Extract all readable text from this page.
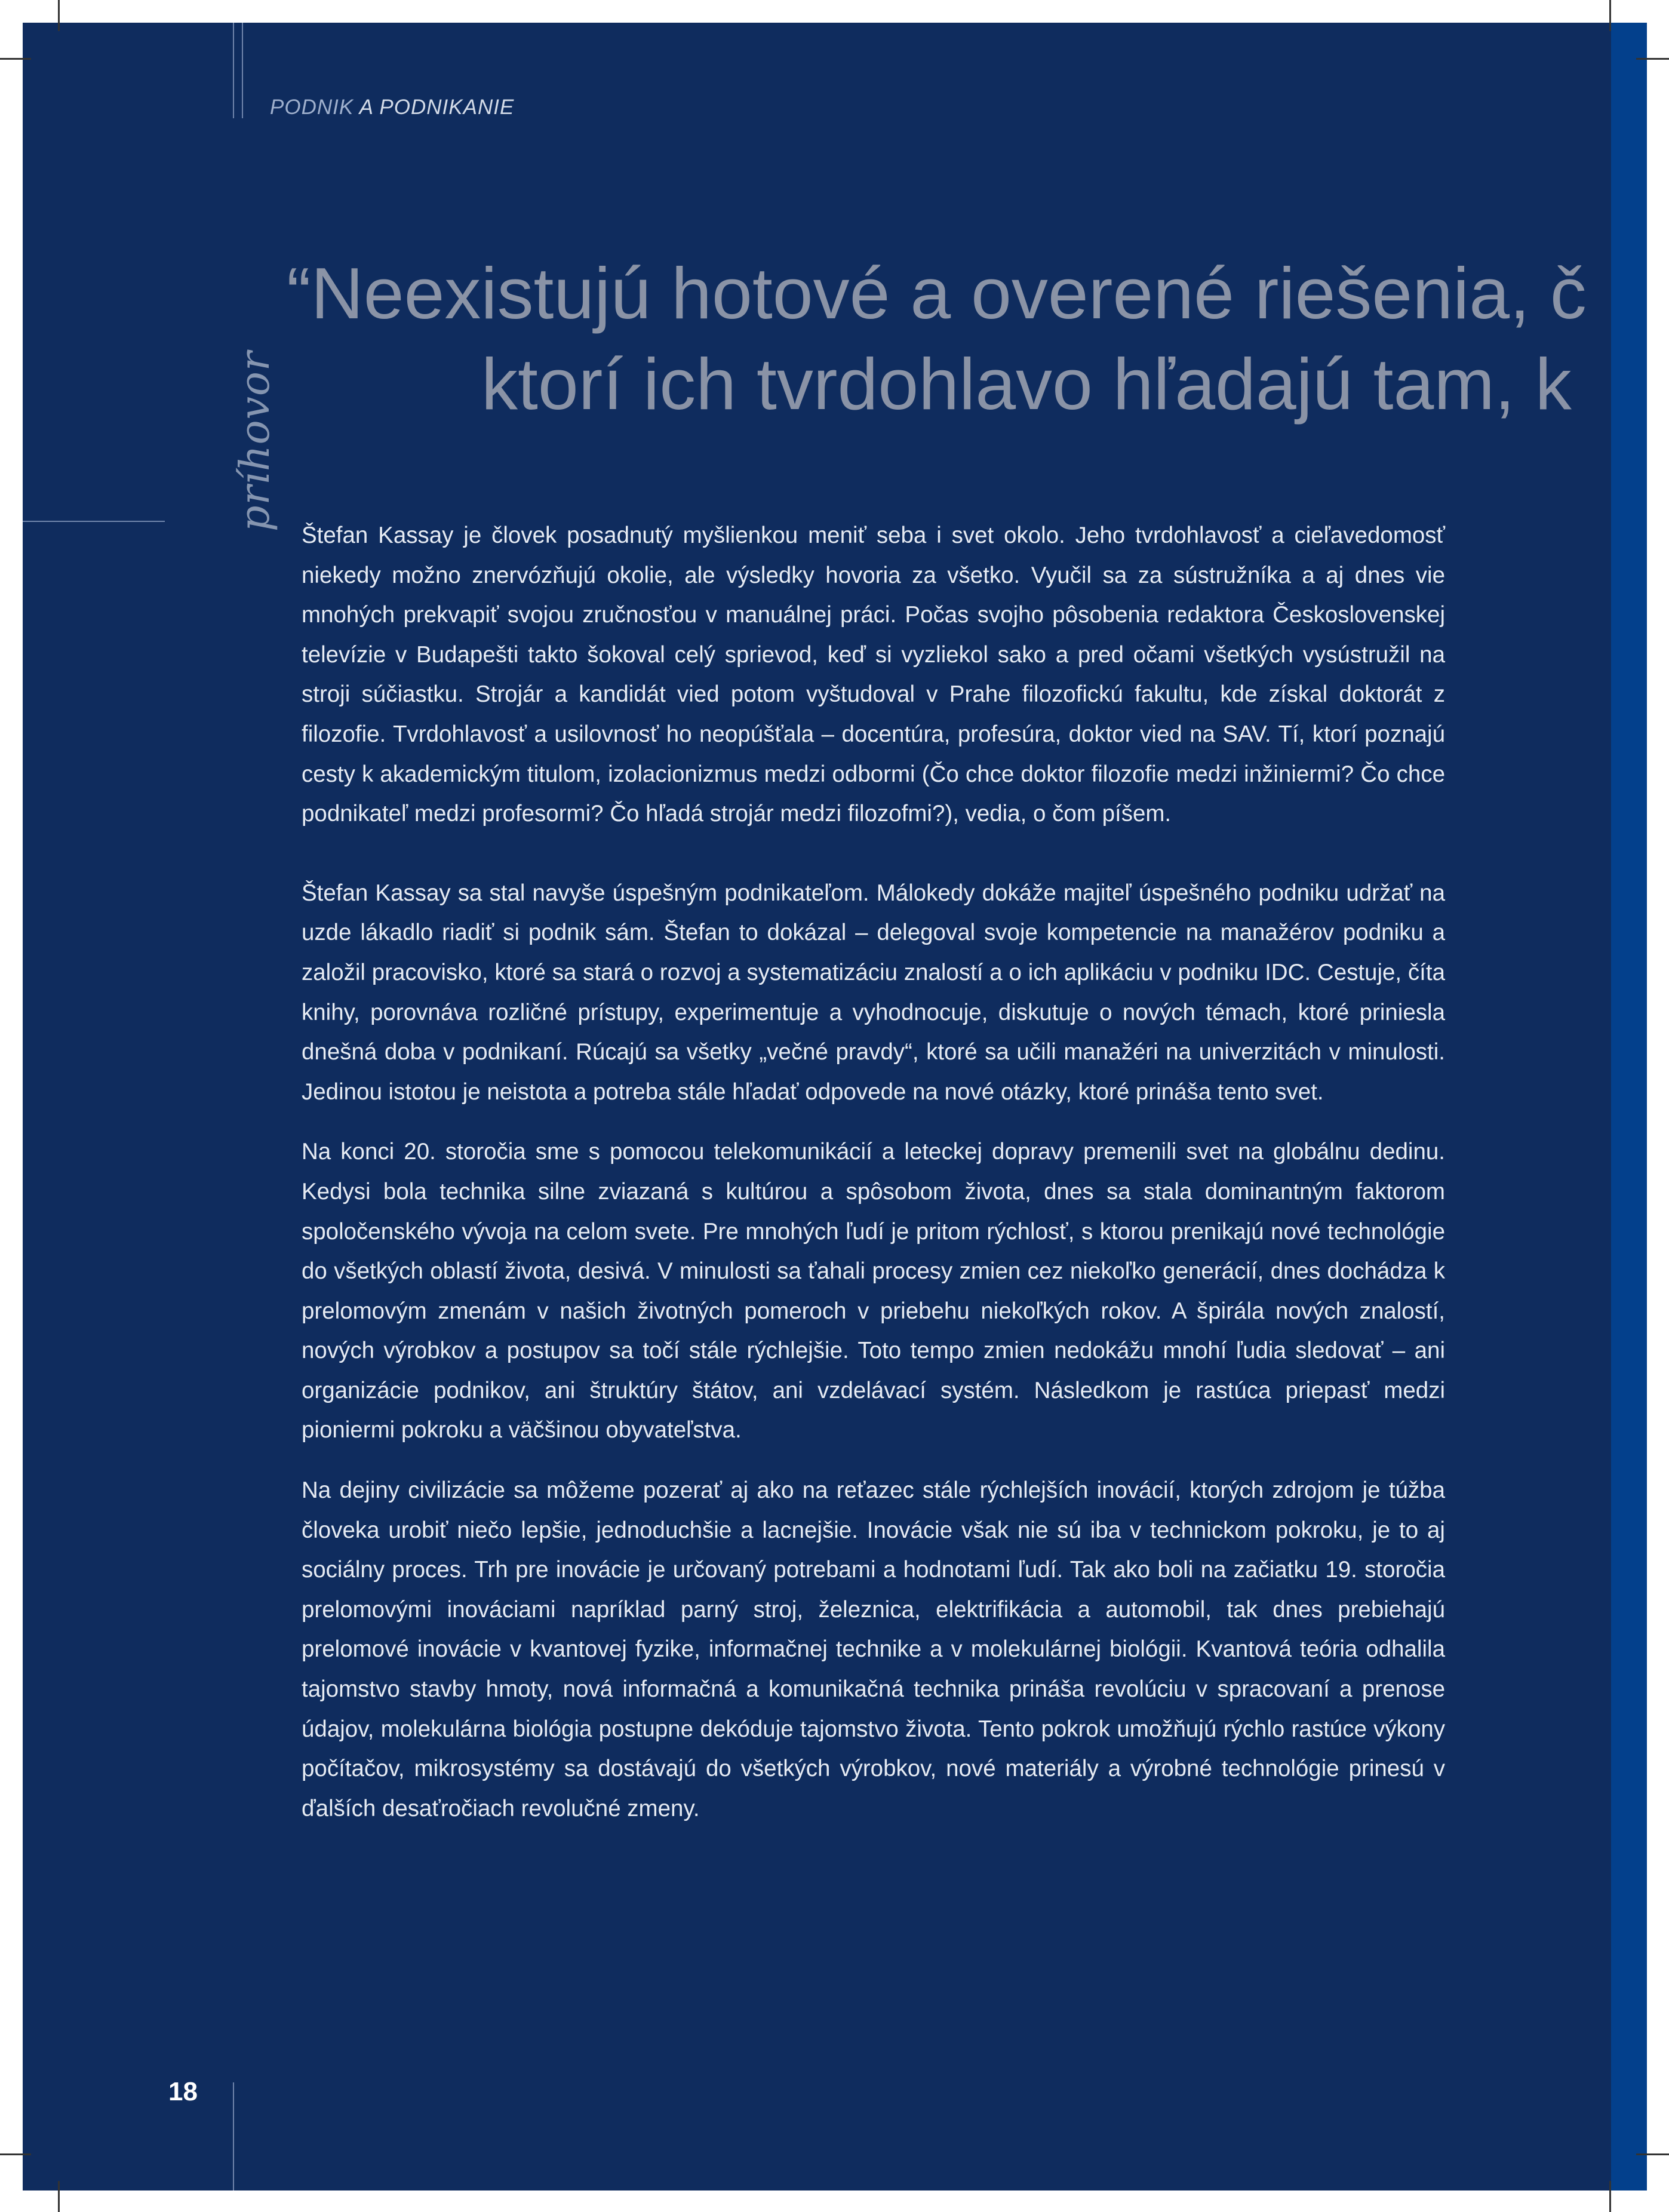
PODNIK A PODNIKANIE
príhovor
“Neexistujú hotové a overené riešenia, č
ktorí ich tvrdohlavo hľadajú tam, k

Štefan Kassay je človek posadnutý myšlienkou meniť seba i svet okolo. Jeho tvrdohlavosť a cieľavedomosť niekedy možno znervózňujú okolie, ale výsledky hovoria za všetko. Vyučil sa za sústružníka a aj dnes vie mnohých prekvapiť svojou zručnosťou v manuálnej práci. Počas svojho pôsobenia redaktora Československej televízie v Budapešti takto šokoval celý sprievod, keď si vyzliekol sako a pred očami všetkých vysústružil na stroji súčiastku. Strojár a kandidát vied potom vyštudoval v Prahe filozofickú fakultu, kde získal doktorát z filozofie. Tvrdohlavosť a usilovnosť ho neopúšťala – docentúra, profesúra, doktor vied na SAV. Tí, ktorí poznajú cesty k akademickým titulom, izolacionizmus medzi odbormi (Čo chce doktor filozofie medzi inžiniermi? Čo chce podnikateľ medzi profesormi? Čo hľadá strojár medzi filozofmi?), vedia, o čom píšem.

Štefan Kassay sa stal navyše úspešným podnikateľom. Málokedy dokáže majiteľ úspešného podniku udržať na uzde lákadlo riadiť si podnik sám. Štefan to dokázal – delegoval svoje kompetencie na manažérov podniku a založil pracovisko, ktoré sa stará o rozvoj a systematizáciu znalostí a o ich aplikáciu v podniku IDC. Cestuje, číta knihy, porovnáva rozličné prístupy, experimentuje a vyhodnocuje, diskutuje o nových témach, ktoré priniesla dnešná doba v podnikaní. Rúcajú sa všetky „večné pravdy“, ktoré sa učili manažéri na univerzitách v minulosti. Jedinou istotou je neistota a potreba stále hľadať odpovede na nové otázky, ktoré prináša tento svet.

Na konci 20. storočia sme s pomocou telekomunikácií a leteckej dopravy premenili svet na globálnu dedinu. Kedysi bola technika silne zviazaná s kultúrou a spôsobom života, dnes sa stala dominantným faktorom spoločenského vývoja na celom svete. Pre mnohých ľudí je pritom rýchlosť, s ktorou prenikajú nové technológie do všetkých oblastí života, desivá. V minulosti sa ťahali procesy zmien cez niekoľko generácií, dnes dochádza k prelomovým zmenám v našich životných pomeroch v priebehu niekoľkých rokov. A špirála nových znalostí, nových výrobkov a postupov sa točí stále rýchlejšie. Toto tempo zmien nedokážu mnohí ľudia sledovať – ani organizácie podnikov, ani štruktúry štátov, ani vzdelávací systém. Následkom je rastúca priepasť medzi pioniermi pokroku a väčšinou obyvateľstva.

Na dejiny civilizácie sa môžeme pozerať aj ako na reťazec stále rýchlejších inovácií, ktorých zdrojom je túžba človeka urobiť niečo lepšie, jednoduchšie a lacnejšie. Inovácie však nie sú iba v technickom pokroku, je to aj sociálny proces. Trh pre inovácie je určovaný potrebami a hodnotami ľudí. Tak ako boli na začiatku 19. storočia prelomovými inováciami napríklad parný stroj, železnica, elektrifikácia a automobil, tak dnes prebiehajú prelomové inovácie v kvantovej fyzike, informačnej technike a v molekulárnej biológii. Kvantová teória odhalila tajomstvo stavby hmoty, nová informačná a komunikačná technika prináša revolúciu v spracovaní a prenose údajov, molekulárna biológia postupne dekóduje tajomstvo života. Tento pokrok umožňujú rýchlo rastúce výkony počítačov, mikrosystémy sa dostávajú do všetkých výrobkov, nové materiály a výrobné technológie prinesú v ďalších desaťročiach revolučné zmeny.

18
